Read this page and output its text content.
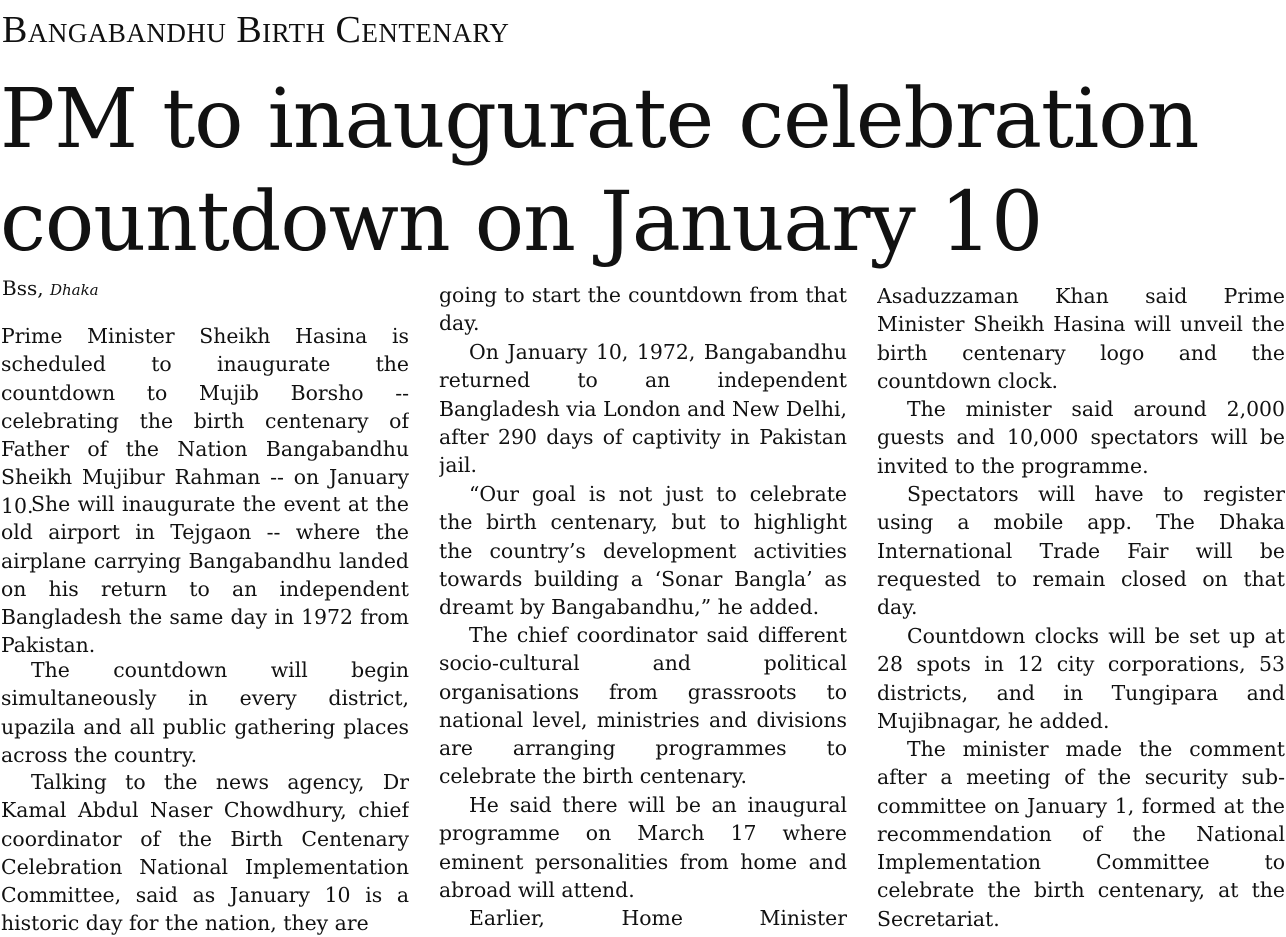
Bangabandhu Birth Centenary
PM to inaugurate celebration countdown on January 10
Bss, Dhaka

Prime Minister Sheikh Hasina is scheduled to inaugurate the countdown to Mujib Borsho -- celebrating the birth centenary of Father of the Nation Bangabandhu Sheikh Mujibur Rahman -- on January 10.

She will inaugurate the event at the old airport in Tejgaon -- where the airplane carrying Bangabandhu landed on his return to an independent Bangladesh the same day in 1972 from Pakistan.

The countdown will begin simultaneously in every district, upazila and all public gathering places across the country.

Talking to the news agency, Dr Kamal Abdul Naser Chowdhury, chief coordinator of the Birth Centenary Celebration National Implementation Committee, said as January 10 is a historic day for the nation, they are

going to start the countdown from that day.

On January 10, 1972, Bangabandhu returned to an independent Bangladesh via London and New Delhi, after 290 days of captivity in Pakistan jail.

“Our goal is not just to celebrate the birth centenary, but to highlight the country’s development activities towards building a ‘Sonar Bangla’ as dreamt by Bangabandhu,” he added.

The chief coordinator said different socio-cultural and political organisations from grassroots to national level, ministries and divisions are arranging programmes to celebrate the birth centenary.

He said there will be an inaugural programme on March 17 where eminent personalities from home and abroad will attend.

Earlier, Home Minister

Asaduzzaman Khan said Prime Minister Sheikh Hasina will unveil the birth centenary logo and the countdown clock.

The minister said around 2,000 guests and 10,000 spectators will be invited to the programme.

Spectators will have to register using a mobile app. The Dhaka International Trade Fair will be requested to remain closed on that day.

Countdown clocks will be set up at 28 spots in 12 city corporations, 53 districts, and in Tungipara and Mujibnagar, he added.

The minister made the comment after a meeting of the security sub-committee on January 1, formed at the recommendation of the National Implementation Committee to celebrate the birth centenary, at the Secretariat.
